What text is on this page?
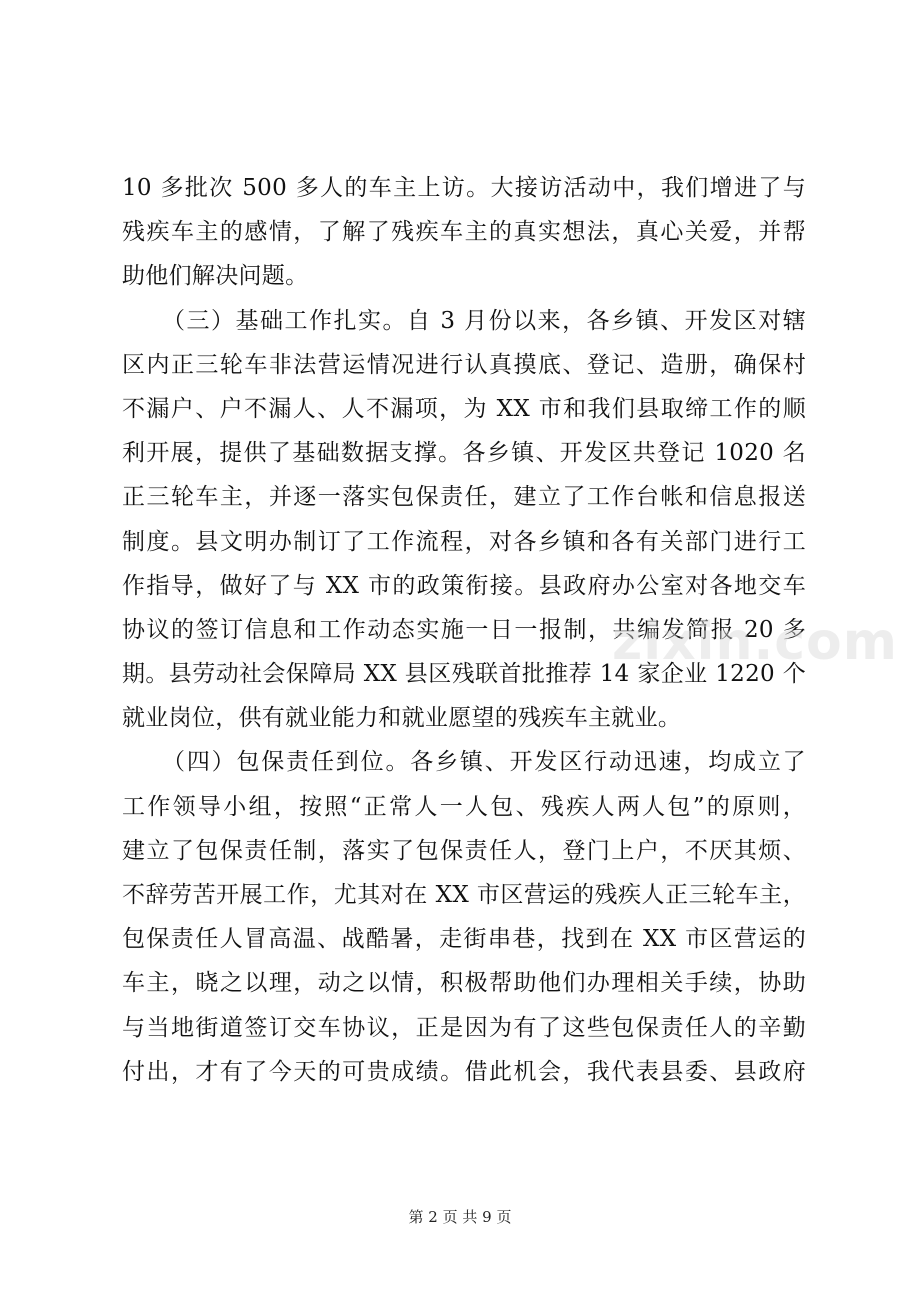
10 多批次 500 多人的车主上访。大接访活动中，我们增进了与
残疾车主的感情，了解了残疾车主的真实想法，真心关爱，并帮
助他们解决问题。
（三）基础工作扎实。自 3 月份以来，各乡镇、开发区对辖
区内正三轮车非法营运情况进行认真摸底、登记、造册，确保村
不漏户、户不漏人、人不漏项，为 XX 市和我们县取缔工作的顺
利开展，提供了基础数据支撑。各乡镇、开发区共登记 1020 名
正三轮车主，并逐一落实包保责任，建立了工作台帐和信息报送
制度。县文明办制订了工作流程，对各乡镇和各有关部门进行工
作指导，做好了与 XX 市的政策衔接。县政府办公室对各地交车
协议的签订信息和工作动态实施一日一报制，共编发简报 20 多
期。县劳动社会保障局 XX 县区残联首批推荐 14 家企业 1220 个
就业岗位，供有就业能力和就业愿望的残疾车主就业。
（四）包保责任到位。各乡镇、开发区行动迅速，均成立了
工作领导小组，按照“正常人一人包、残疾人两人包”的原则，
建立了包保责任制，落实了包保责任人，登门上户，不厌其烦、
不辞劳苦开展工作，尤其对在 XX 市区营运的残疾人正三轮车主，
包保责任人冒高温、战酷暑，走街串巷，找到在 XX 市区营运的
车主，晓之以理，动之以情，积极帮助他们办理相关手续，协助
与当地街道签订交车协议，正是因为有了这些包保责任人的辛勤
付出，才有了今天的可贵成绩。借此机会，我代表县委、县政府
zixin.com
第 2 页 共 9 页
